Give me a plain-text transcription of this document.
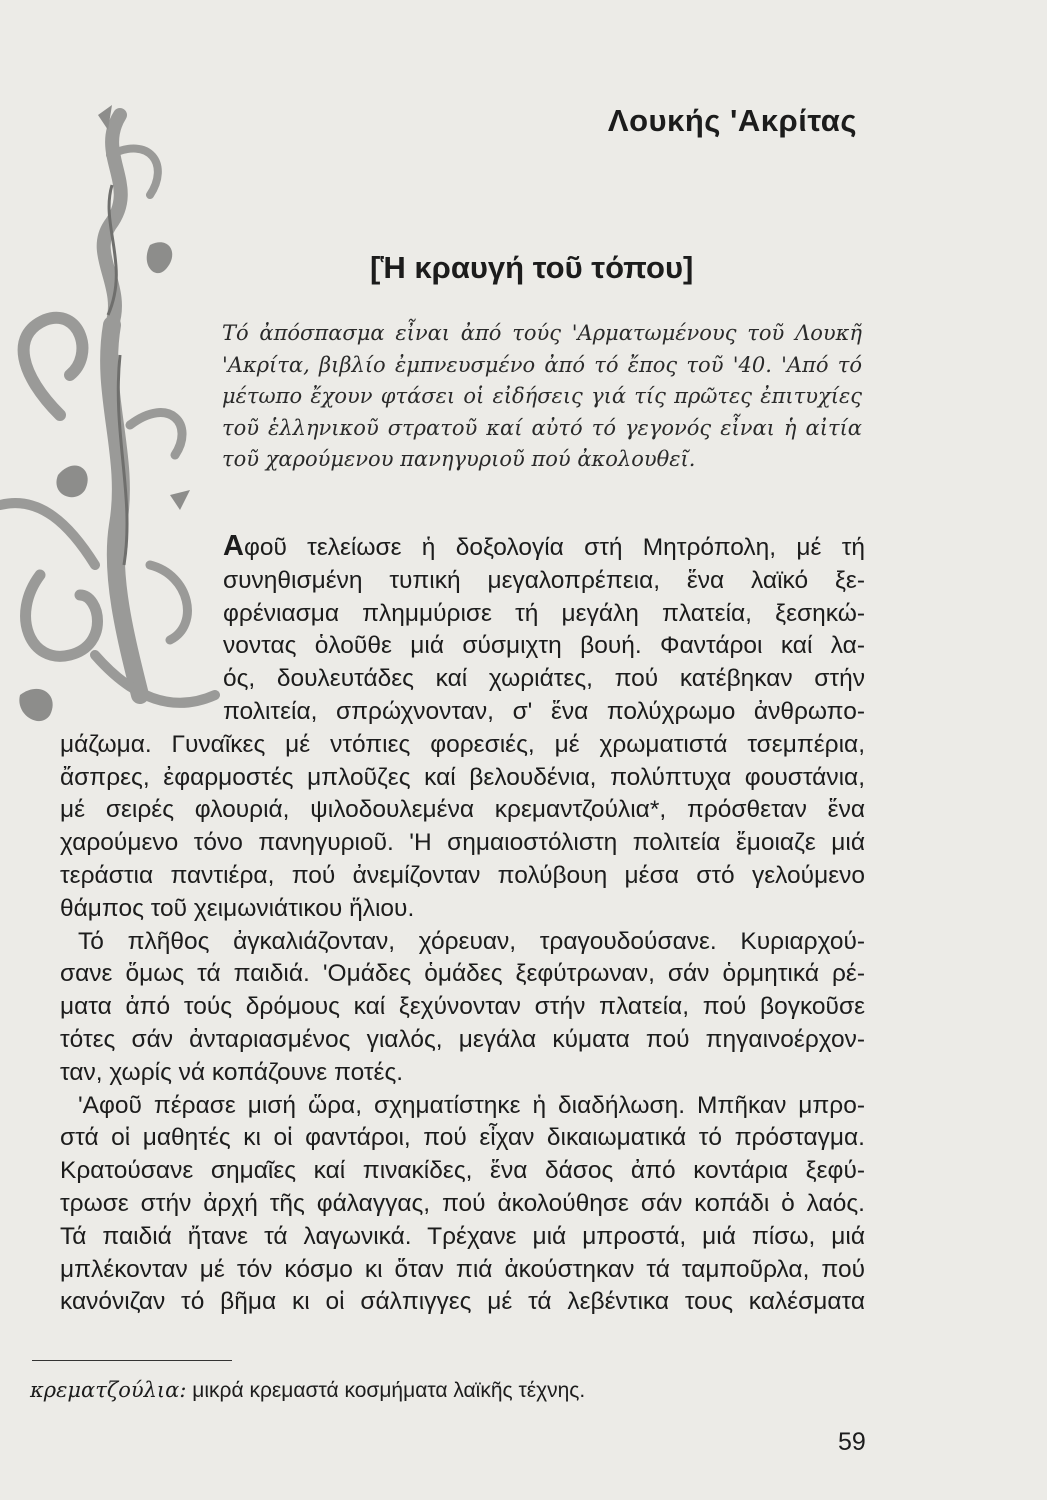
Λουκής 'Ακρίτας
[Ἡ κραυγή τοῦ τόπου]

Τό ἀπόσπασμα εἶναι ἀπό τούς 'Αρματωμένους τοῦ Λουκῆ 'Ακρίτα, βιβλίο ἐμπνευσμένο ἀπό τό ἔπος τοῦ '40. 'Από τό μέτωπο ἔχουν φτάσει οἱ εἰδήσεις γιά τίς πρῶτες ἐπιτυχίες τοῦ ἑλληνικοῦ στρατοῦ καί αὐτό τό γεγονός εἶναι ἡ αἰτία τοῦ χαρούμενου πανηγυριοῦ πού ἀκολουθεῖ.

Αφοῦ τελείωσε ἡ δοξολογία στή Μητρόπολη, μέ τή
συνηθισμένη τυπική μεγαλοπρέπεια, ἕνα λαϊκό ξε-
φρένιασμα πλημμύρισε τή μεγάλη πλατεία, ξεσηκώ-
νοντας ὁλοῦθε μιά σύσμιχτη βουή. Φαντάροι καί λα-
ός, δουλευτάδες καί χωριάτες, πού κατέβηκαν στήν
πολιτεία, σπρώχνονταν, σ' ἕνα πολύχρωμο ἀνθρωπο-
μάζωμα. Γυναῖκες μέ ντόπιες φορεσιές, μέ χρωματιστά τσεμπέρια,
ἄσπρες, ἐφαρμοστές μπλοῦζες καί βελουδένια, πολύπτυχα φουστάνια,
μέ σειρές φλουριά, ψιλοδουλεμένα κρεμαντζούλια*, πρόσθεταν ἕνα
χαρούμενο τόνο πανηγυριοῦ. 'Η σημαιοστόλιστη πολιτεία ἔμοιαζε μιά
τεράστια παντιέρα, πού ἀνεμίζονταν πολύβουη μέσα στό γελούμενο
θάμπος τοῦ χειμωνιάτικου ἥλιου.

Τό πλῆθος ἀγκαλιάζονταν, χόρευαν, τραγουδούσανε. Κυριαρχού-
σανε ὅμως τά παιδιά. 'Ομάδες ὁμάδες ξεφύτρωναν, σάν ὁρμητικά ρέ-
ματα ἀπό τούς δρόμους καί ξεχύνονταν στήν πλατεία, πού βογκοῦσε
τότες σάν ἀνταριασμένος γιαλός, μεγάλα κύματα πού πηγαινοέρχον-
ταν, χωρίς νά κοπάζουνε ποτές.

'Αφοῦ πέρασε μισή ὥρα, σχηματίστηκε ἡ διαδήλωση. Μπῆκαν μπρο-
στά οἱ μαθητές κι οἱ φαντάροι, πού εἶχαν δικαιωματικά τό πρόσταγμα.
Κρατούσανε σημαῖες καί πινακίδες, ἕνα δάσος ἀπό κοντάρια ξεφύ-
τρωσε στήν ἀρχή τῆς φάλαγγας, πού ἀκολούθησε σάν κοπάδι ὁ λαός.
Τά παιδιά ἤτανε τά λαγωνικά. Τρέχανε μιά μπροστά, μιά πίσω, μιά
μπλέκονταν μέ τόν κόσμο κι ὅταν πιά ἀκούστηκαν τά ταμποῦρλα, πού
κανόνιζαν τό βῆμα κι οἱ σάλπιγγες μέ τά λεβέντικα τους καλέσματα

κρεματζούλια: μικρά κρεμαστά κοσμήματα λαϊκῆς τέχνης.

59
